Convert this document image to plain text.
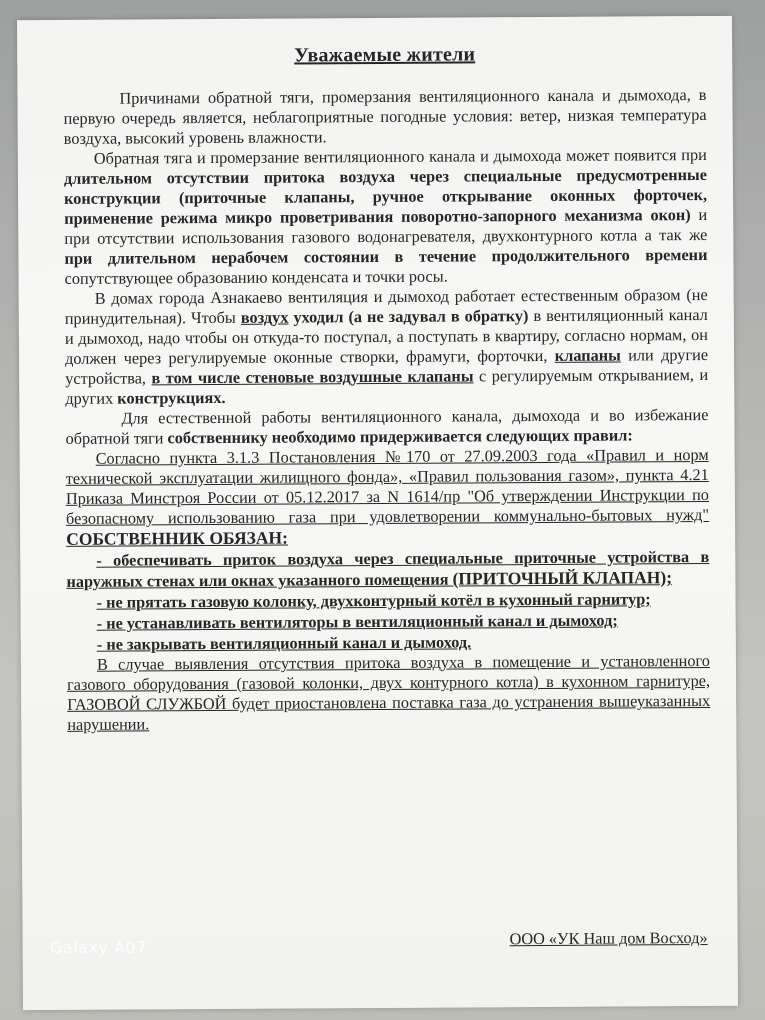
Уважаемые жители

Причинами обратной тяги, промерзания вентиляционного канала и дымохода, в первую очередь является, неблагоприятные погодные условия: ветер, низкая температура воздуха, высокий уровень влажности.

Обратная тяга и промерзание вентиляционного канала и дымохода может появится при длительном отсутствии притока воздуха через специальные предусмотренные конструкции (приточные клапаны, ручное открывание оконных форточек, применение режима микро проветривания поворотно-запорного механизма окон) и при отсутствии использования газового водонагревателя, двухконтурного котла а так же при длительном нерабочем состоянии в течение продолжительного времени сопутствующее образованию конденсата и точки росы.

В домах города Азнакаево вентиляция и дымоход работает естественным образом (не принудительная). Чтобы воздух уходил (а не задувал в обратку) в вентиляционный канал и дымоход, надо чтобы он откуда-то поступал, а поступать в квартиру, согласно нормам, он должен через регулируемые оконные створки, фрамуги, форточки, клапаны или другие устройства, в том числе стеновые воздушные клапаны с регулируемым открыванием, и других конструкциях.

Для естественной работы вентиляционного канала, дымохода и во избежание обратной тяги собственнику необходимо придерживается следующих правил:

Согласно пункта 3.1.3 Постановления №170 от 27.09.2003 года «Правил и норм технической эксплуатации жилищного фонда», «Правил пользования газом», пункта 4.21 Приказа Минстроя России от 05.12.2017 за N 1614/пр "Об утверждении Инструкции по безопасному использованию газа при удовлетворении коммунально-бытовых нужд" СОБСТВЕННИК ОБЯЗАН:

- обеспечивать приток воздуха через специальные приточные устройства в наружных стенах или окнах указанного помещения (ПРИТОЧНЫЙ КЛАПАН);

- не прятать газовую колонку, двухконтурный котёл в кухонный гарнитур;

- не устанавливать вентиляторы в вентиляционный канал и дымоход;

- не закрывать вентиляционный канал и дымоход.

В случае выявления отсутствия притока воздуха в помещение и установленного газового оборудования (газовой колонки, двух контурного котла) в кухонном гарнитуре, ГАЗОВОЙ СЛУЖБОЙ будет приостановлена поставка газа до устранения вышеуказанных нарушении.

ООО «УК Наш дом Восход»
Galaxy A07
